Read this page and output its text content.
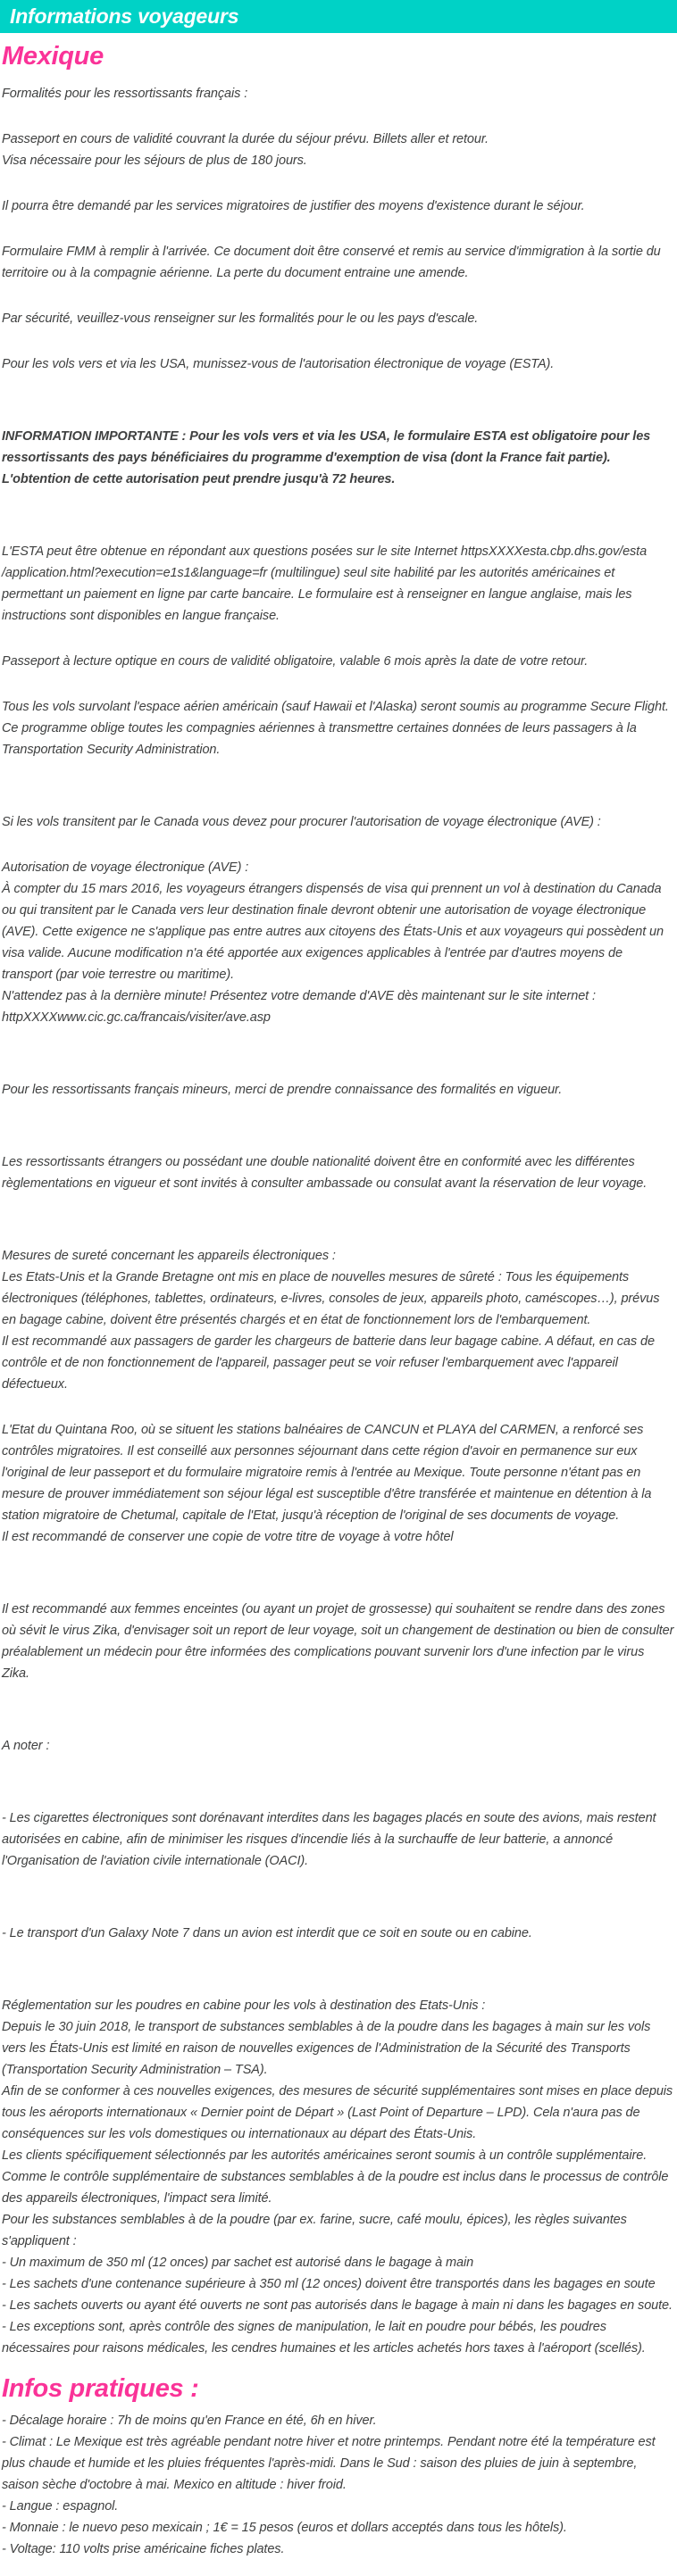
Informations voyageurs
Mexique

Formalités pour les ressortissants français :

Passeport en cours de validité couvrant la durée du séjour prévu. Billets aller et retour.

Visa nécessaire pour les séjours de plus de 180 jours.

Il pourra être demandé par les services migratoires de justifier des moyens d'existence durant le séjour.

Formulaire FMM à remplir à l'arrivée. Ce document doit être conservé et remis au service d'immigration à la sortie du territoire ou à la compagnie aérienne. La perte du document entraine une amende.

Par sécurité, veuillez-vous renseigner sur les formalités pour le ou les pays d'escale.

Pour les vols vers et via les USA, munissez-vous de l'autorisation électronique de voyage (ESTA).

INFORMATION IMPORTANTE : Pour les vols vers et via les USA, le formulaire ESTA est obligatoire pour les ressortissants des pays bénéficiaires du programme d'exemption de visa (dont la France fait partie). L'obtention de cette autorisation peut prendre jusqu'à 72 heures.

L'ESTA peut être obtenue en répondant aux questions posées sur le site Internet httpsXXXXesta.cbp.dhs.gov/esta /application.html?execution=e1s1&language=fr (multilingue) seul site habilité par les autorités américaines et permettant un paiement en ligne par carte bancaire. Le formulaire est à renseigner en langue anglaise, mais les instructions sont disponibles en langue française.

Passeport à lecture optique en cours de validité obligatoire, valable 6 mois après la date de votre retour.

Tous les vols survolant l'espace aérien américain (sauf Hawaii et l'Alaska) seront soumis au programme Secure Flight. Ce programme oblige toutes les compagnies aériennes à transmettre certaines données de leurs passagers à la Transportation Security Administration.

Si les vols transitent par le Canada vous devez pour procurer l'autorisation de voyage électronique (AVE) :

Autorisation de voyage électronique (AVE) :

À compter du 15 mars 2016, les voyageurs étrangers dispensés de visa qui prennent un vol à destination du Canada ou qui transitent par le Canada vers leur destination finale devront obtenir une autorisation de voyage électronique (AVE). Cette exigence ne s'applique pas entre autres aux citoyens des États-Unis et aux voyageurs qui possèdent un visa valide. Aucune modification n'a été apportée aux exigences applicables à l'entrée par d'autres moyens de transport (par voie terrestre ou maritime).

N'attendez pas à la dernière minute! Présentez votre demande d'AVE dès maintenant sur le site internet : httpXXXXwww.cic.gc.ca/francais/visiter/ave.asp

Pour les ressortissants français mineurs, merci de prendre connaissance des formalités en vigueur.

Les ressortissants étrangers ou possédant une double nationalité doivent être en conformité avec les différentes règlementations en vigueur et sont invités à consulter ambassade ou consulat avant la réservation de leur voyage.

Mesures de sureté concernant les appareils électroniques :

Les Etats-Unis et la Grande Bretagne ont mis en place de nouvelles mesures de sûreté : Tous les équipements électroniques (téléphones, tablettes, ordinateurs, e-livres, consoles de jeux, appareils photo, caméscopes…), prévus en bagage cabine, doivent être présentés chargés et en état de fonctionnement lors de l'embarquement.

Il est recommandé aux passagers de garder les chargeurs de batterie dans leur bagage cabine. A défaut, en cas de contrôle et de non fonctionnement de l'appareil, passager peut se voir refuser l'embarquement avec l'appareil défectueux.

L'Etat du Quintana Roo, où se situent les stations balnéaires de CANCUN et PLAYA del CARMEN, a renforcé ses contrôles migratoires. Il est conseillé aux personnes séjournant dans cette région d'avoir en permanence sur eux l'original de leur passeport et du formulaire migratoire remis à l'entrée au Mexique. Toute personne n'étant pas en mesure de prouver immédiatement son séjour légal est susceptible d'être transférée et maintenue en détention à la station migratoire de Chetumal, capitale de l'Etat, jusqu'à réception de l'original de ses documents de voyage.

Il est recommandé de conserver une copie de votre titre de voyage à votre hôtel

Il est recommandé aux femmes enceintes (ou ayant un projet de grossesse) qui souhaitent se rendre dans des zones où sévit le virus Zika, d'envisager soit un report de leur voyage, soit un changement de destination ou bien de consulter préalablement un médecin pour être informées des complications pouvant survenir lors d'une infection par le virus Zika.

A noter :

- Les cigarettes électroniques sont dorénavant interdites dans les bagages placés en soute des avions, mais restent autorisées en cabine, afin de minimiser les risques d'incendie liés à la surchauffe de leur batterie, a annoncé l'Organisation de l'aviation civile internationale (OACI).

- Le transport d'un Galaxy Note 7 dans un avion est interdit que ce soit en soute ou en cabine.

Réglementation sur les poudres en cabine pour les vols à destination des Etats-Unis :

Depuis le 30 juin 2018, le transport de substances semblables à de la poudre dans les bagages à main sur les vols vers les États-Unis est limité en raison de nouvelles exigences de l'Administration de la Sécurité des Transports (Transportation Security Administration – TSA).

Afin de se conformer à ces nouvelles exigences, des mesures de sécurité supplémentaires sont mises en place depuis tous les aéroports internationaux « Dernier point de Départ » (Last Point of Departure – LPD). Cela n'aura pas de conséquences sur les vols domestiques ou internationaux au départ des États-Unis.

Les clients spécifiquement sélectionnés par les autorités américaines seront soumis à un contrôle supplémentaire.

Comme le contrôle supplémentaire de substances semblables à de la poudre est inclus dans le processus de contrôle des appareils électroniques, l'impact sera limité.

Pour les substances semblables à de la poudre (par ex. farine, sucre, café moulu, épices), les règles suivantes s'appliquent :

- Un maximum de 350 ml (12 onces) par sachet est autorisé dans le bagage à main

- Les sachets d'une contenance supérieure à 350 ml (12 onces) doivent être transportés dans les bagages en soute

- Les sachets ouverts ou ayant été ouverts ne sont pas autorisés dans le bagage à main ni dans les bagages en soute.

- Les exceptions sont, après contrôle des signes de manipulation, le lait en poudre pour bébés, les poudres nécessaires pour raisons médicales, les cendres humaines et les articles achetés hors taxes à l'aéroport (scellés).

Infos pratiques :

- Décalage horaire : 7h de moins qu'en France en été, 6h en hiver.

- Climat : Le Mexique est très agréable pendant notre hiver et notre printemps. Pendant notre été la température est plus chaude et humide et les pluies fréquentes l'après-midi. Dans le Sud : saison des pluies de juin à septembre, saison sèche d'octobre à mai. Mexico en altitude : hiver froid.

- Langue : espagnol.

- Monnaie : le nuevo peso mexicain ; 1€ = 15 pesos (euros et dollars acceptés dans tous les hôtels).

- Voltage: 110 volts prise américaine fiches plates.
